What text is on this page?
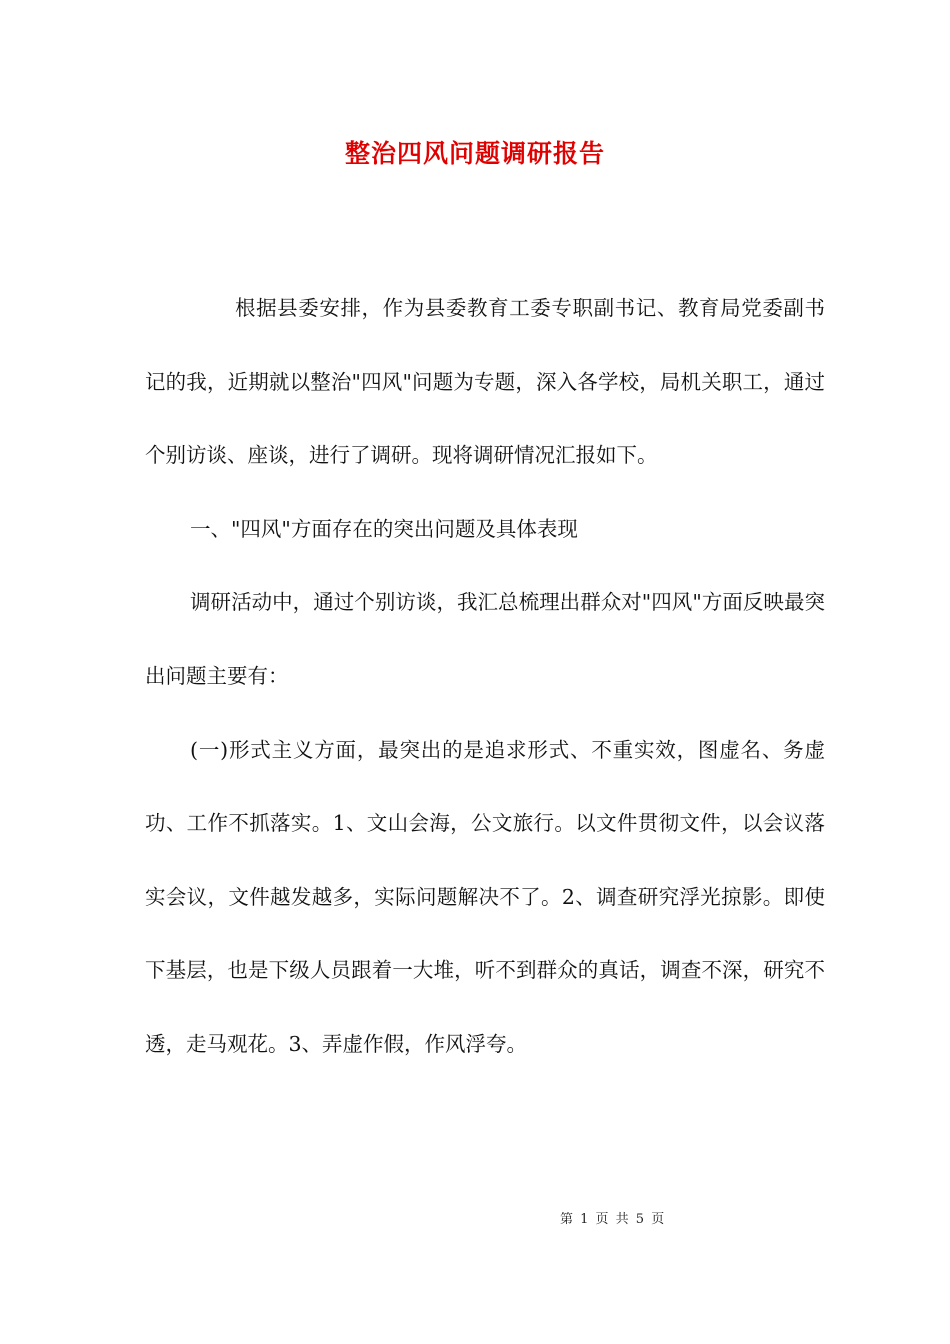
整治四风问题调研报告

根据县委安排，作为县委教育工委专职副书记、教育局党委副书记的我，近期就以整治"四风"问题为专题，深入各学校，局机关职工，通过个别访谈、座谈，进行了调研。现将调研情况汇报如下。

一、"四风"方面存在的突出问题及具体表现

调研活动中，通过个别访谈，我汇总梳理出群众对"四风"方面反映最突出问题主要有：

(一)形式主义方面，最突出的是追求形式、不重实效，图虚名、务虚功、工作不抓落实。1、文山会海，公文旅行。以文件贯彻文件，以会议落实会议，文件越发越多，实际问题解决不了。2、调查研究浮光掠影。即使下基层，也是下级人员跟着一大堆，听不到群众的真话，调查不深，研究不透，走马观花。3、弄虚作假，作风浮夸。

第 1 页 共 5 页
